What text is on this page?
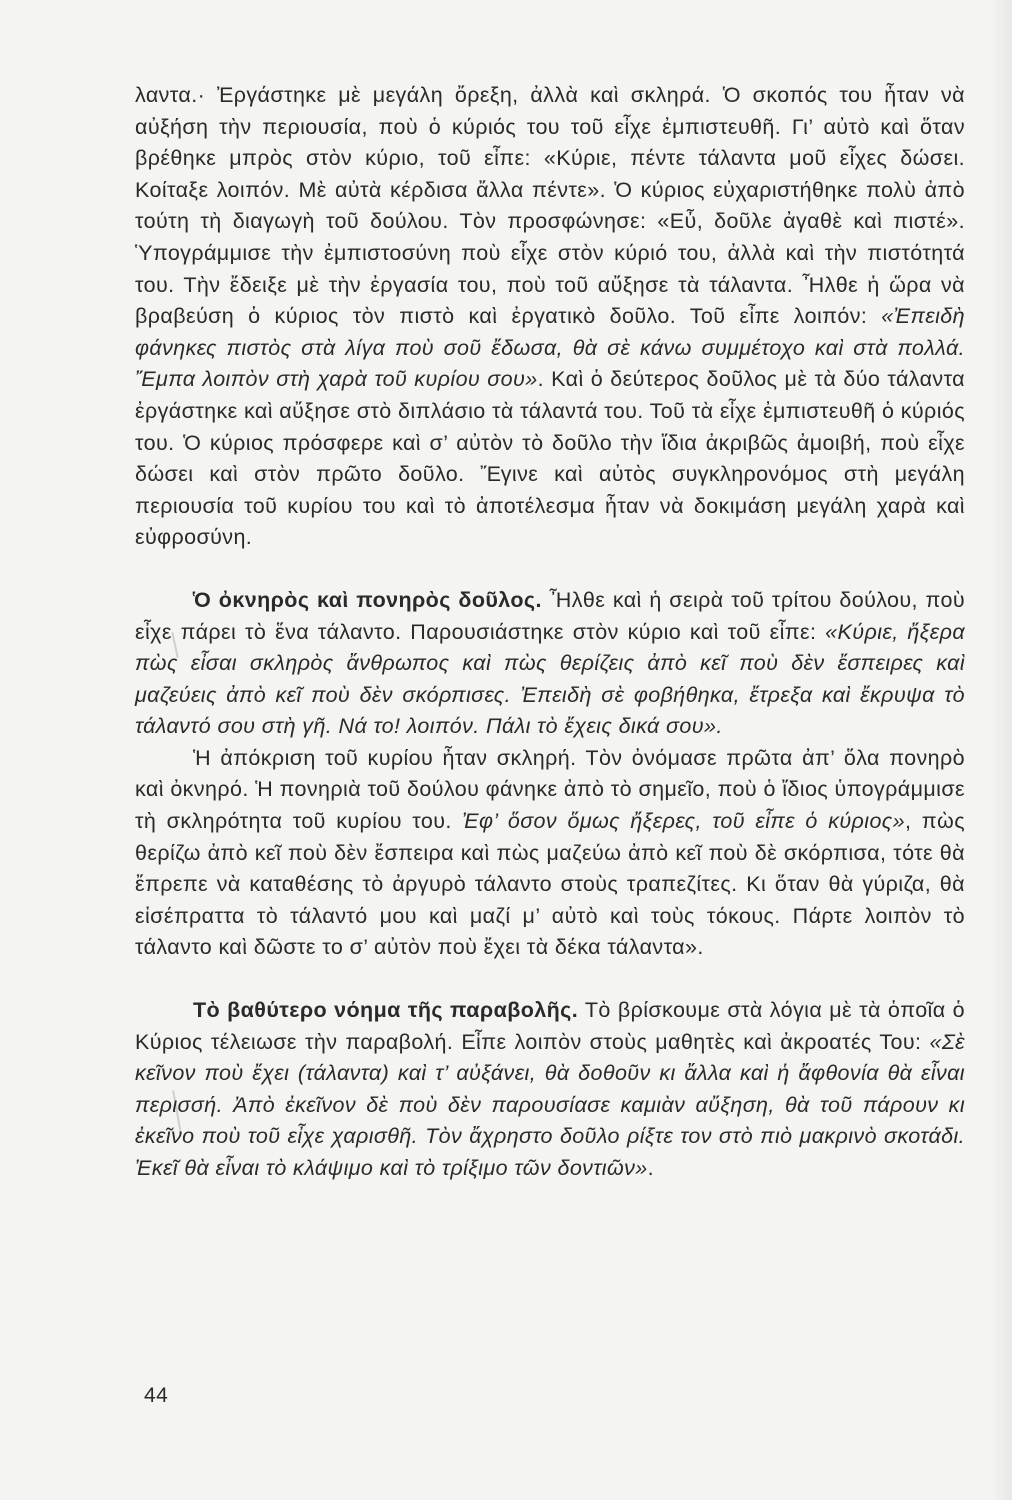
λαντα.· Ἐργάστηκε μὲ μεγάλη ὄρεξη, ἀλλὰ καὶ σκληρά. Ὁ σκοπός του ἦταν νὰ αὐξήση τὴν περιουσία, ποὺ ὁ κύριός του τοῦ εἶχε ἐμπιστευθῆ. Γι’ αὐτὸ καὶ ὅταν βρέθηκε μπρὸς στὸν κύριο, τοῦ εἶπε: «Κύριε, πέντε τάλαντα μοῦ εἶχες δώσει. Κοίταξε λοιπόν. Μὲ αὐτὰ κέρδισα ἄλλα πέντε». Ὁ κύριος εὐχαριστήθηκε πολὺ ἀπὸ τούτη τὴ διαγωγὴ τοῦ δούλου. Τὸν προσφώνησε: «Εὖ, δοῦλε ἀγαθὲ καὶ πιστέ». Ὑπογράμμισε τὴν ἐμπιστοσύνη ποὺ εἶχε στὸν κύριό του, ἀλλὰ καὶ τὴν πιστότητά του. Τὴν ἔδειξε μὲ τὴν ἐργασία του, ποὺ τοῦ αὔξησε τὰ τάλαντα. Ἦλθε ἡ ὥρα νὰ βραβεύση ὁ κύριος τὸν πιστὸ καὶ ἐργατικὸ δοῦλο. Τοῦ εἶπε λοιπόν: «Ἐπειδὴ φάνηκες πιστὸς στὰ λίγα ποὺ σοῦ ἔδωσα, θὰ σὲ κάνω συμμέτοχο καὶ στὰ πολλά. Ἔμπα λοιπὸν στὴ χαρὰ τοῦ κυρίου σου». Καὶ ὁ δεύτερος δοῦλος μὲ τὰ δύο τάλαντα ἐργάστηκε καὶ αὔξησε στὸ διπλάσιο τὰ τάλαντά του. Τοῦ τὰ εἶχε ἐμπιστευθῆ ὁ κύριός του. Ὁ κύριος πρόσφερε καὶ σ’ αὐτὸν τὸ δοῦλο τὴν ἴδια ἀκριβῶς ἀμοιβή, ποὺ εἶχε δώσει καὶ στὸν πρῶτο δοῦλο. Ἔγινε καὶ αὐτὸς συγκληρονόμος στὴ μεγάλη περιουσία τοῦ κυρίου του καὶ τὸ ἀποτέλεσμα ἦταν νὰ δοκιμάση μεγάλη χαρὰ καὶ εὐφροσύνη.

Ὁ ὀκνηρὸς καὶ πονηρὸς δοῦλος. Ἦλθε καὶ ἡ σειρὰ τοῦ τρίτου δούλου, ποὺ εἶχε πάρει τὸ ἕνα τάλαντο. Παρουσιάστηκε στὸν κύριο καὶ τοῦ εἶπε: «Κύριε, ἤξερα πὼς εἶσαι σκληρὸς ἄνθρωπος καὶ πὼς θερίζεις ἀπὸ κεῖ ποὺ δὲν ἔσπειρες καὶ μαζεύεις ἀπὸ κεῖ ποὺ δὲν σκόρπισες. Ἐπειδὴ σὲ φοβήθηκα, ἔτρεξα καὶ ἔκρυψα τὸ τάλαντό σου στὴ γῆ. Νά το! λοιπόν. Πάλι τὸ ἔχεις δικά σου».

Ἡ ἀπόκριση τοῦ κυρίου ἦταν σκληρή. Τὸν ὀνόμασε πρῶτα ἀπ’ ὅλα πονηρὸ καὶ ὀκνηρό. Ἡ πονηριὰ τοῦ δούλου φάνηκε ἀπὸ τὸ σημεῖο, ποὺ ὁ ἴδιος ὑπογράμμισε τὴ σκληρότητα τοῦ κυρίου του. Ἐφ’ ὅσον ὅμως ἤξερες, τοῦ εἶπε ὁ κύριος», πὼς θερίζω ἀπὸ κεῖ ποὺ δὲν ἔσπειρα καὶ πὼς μαζεύω ἀπὸ κεῖ ποὺ δὲ σκόρπισα, τότε θὰ ἔπρεπε νὰ καταθέσης τὸ ἀργυρὸ τάλαντο στοὺς τραπεζίτες. Κι ὅταν θὰ γύριζα, θὰ εἰσέπραττα τὸ τάλαντό μου καὶ μαζί μ’ αὐτὸ καὶ τοὺς τόκους. Πάρτε λοιπὸν τὸ τάλαντο καὶ δῶστε το σ’ αὐτὸν ποὺ ἔχει τὰ δέκα τάλαντα».

Τὸ βαθύτερο νόημα τῆς παραβολῆς. Τὸ βρίσκουμε στὰ λόγια μὲ τὰ ὁποῖα ὁ Κύριος τέλειωσε τὴν παραβολή. Εἶπε λοιπὸν στοὺς μαθητὲς καὶ ἀκροατές Του: «Σὲ κεῖνον ποὺ ἔχει (τάλαντα) καὶ τ’ αὐξάνει, θὰ δοθοῦν κι ἄλλα καὶ ἡ ἄφθονία θὰ εἶναι περισσή. Ἀπὸ ἐκεῖνον δὲ ποὺ δὲν παρουσίασε καμιὰν αὔξηση, θὰ τοῦ πάρουν κι ἐκεῖνο ποὺ τοῦ εἶχε χαρισθῆ. Τὸν ἄχρηστο δοῦλο ρίξτε τον στὸ πιὸ μακρινὸ σκοτάδι. Ἐκεῖ θὰ εἶναι τὸ κλάψιμο καὶ τὸ τρίξιμο τῶν δοντιῶν».

44
